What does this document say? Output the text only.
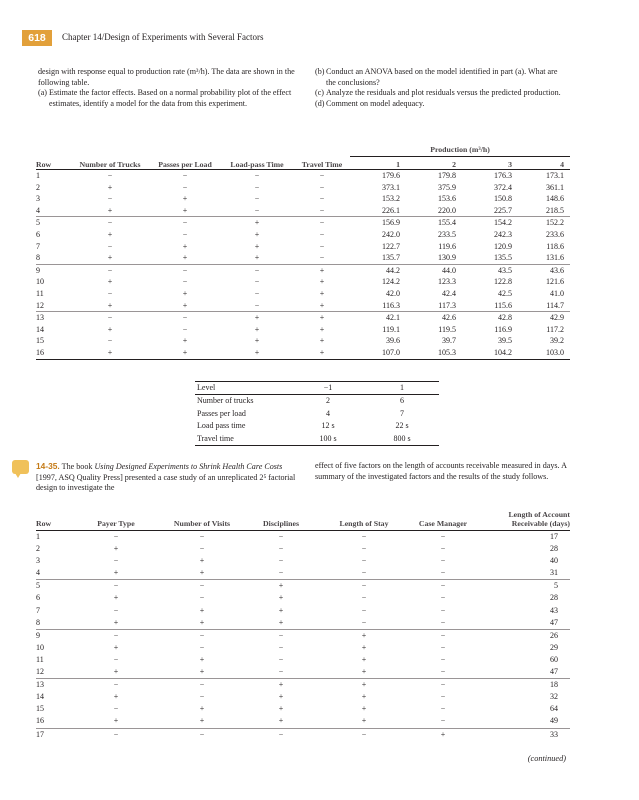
618	Chapter 14/Design of Experiments with Several Factors

design with response equal to production rate (m³/h). The data are shown in the following table.

(a) Estimate the factor effects. Based on a normal probability plot of the effect estimates, identify a model for the data from this experiment.
(b) Conduct an ANOVA based on the model identified in part (a). What are the conclusions?
(c) Analyze the residuals and plot residuals versus the predicted production.
(d) Comment on model adequacy.
Row	Number of Trucks	Passes per Load	Load-pass Time	Travel Time	Production (m³/h)			
					1	2	3	4
1	−	−	−	−	179.6	179.8	176.3	173.1
2	+	−	−	−	373.1	375.9	372.4	361.1
3	−	+	−	−	153.2	153.6	150.8	148.6
4	+	+	−	−	226.1	220.0	225.7	218.5
5	−	−	+	−	156.9	155.4	154.2	152.2
6	+	−	+	−	242.0	233.5	242.3	233.6
7	−	+	+	−	122.7	119.6	120.9	118.6
8	+	+	+	−	135.7	130.9	135.5	131.6
9	−	−	−	+	44.2	44.0	43.5	43.6
10	+	−	−	+	124.2	123.3	122.8	121.6
11	−	+	−	+	42.0	42.4	42.5	41.0
12	+	+	−	+	116.3	117.3	115.6	114.7
13	−	−	+	+	42.1	42.6	42.8	42.9
14	+	−	+	+	119.1	119.5	116.9	117.2
15	−	+	+	+	39.6	39.7	39.5	39.2
16	+	+	+	+	107.0	105.3	104.2	103.0
Level	−1	1
Number of trucks	2	6
Passes per load	4	7
Load pass time	12 s	22 s
Travel time	100 s	800 s

14-35. The book Using Designed Experiments to Shrink Health Care Costs [1997, ASQ Quality Press] presented a case study of an unreplicated 2⁵ factorial design to investigate the

effect of five factors on the length of accounts receivable measured in days. A summary of the investigated factors and the results of the study follows.

Row	Payer Type	Number of Visits	Disciplines	Length of Stay	Case Manager	Length of Account Receivable (days)
1	−	−	−	−	−	17
2	+	−	−	−	−	28
3	−	+	−	−	−	40
4	+	+	−	−	−	31
5	−	−	+	−	−	5
6	+	−	+	−	−	28
7	−	+	+	−	−	43
8	+	+	+	−	−	47
9	−	−	−	+	−	26
10	+	−	−	+	−	29
11	−	+	−	+	−	60
12	+	+	−	+	−	47
13	−	−	+	+	−	18
14	+	−	+	+	−	32
15	−	+	+	+	−	64
16	+	+	+	+	−	49
17	−	−	−	−	+	33
(continued)
